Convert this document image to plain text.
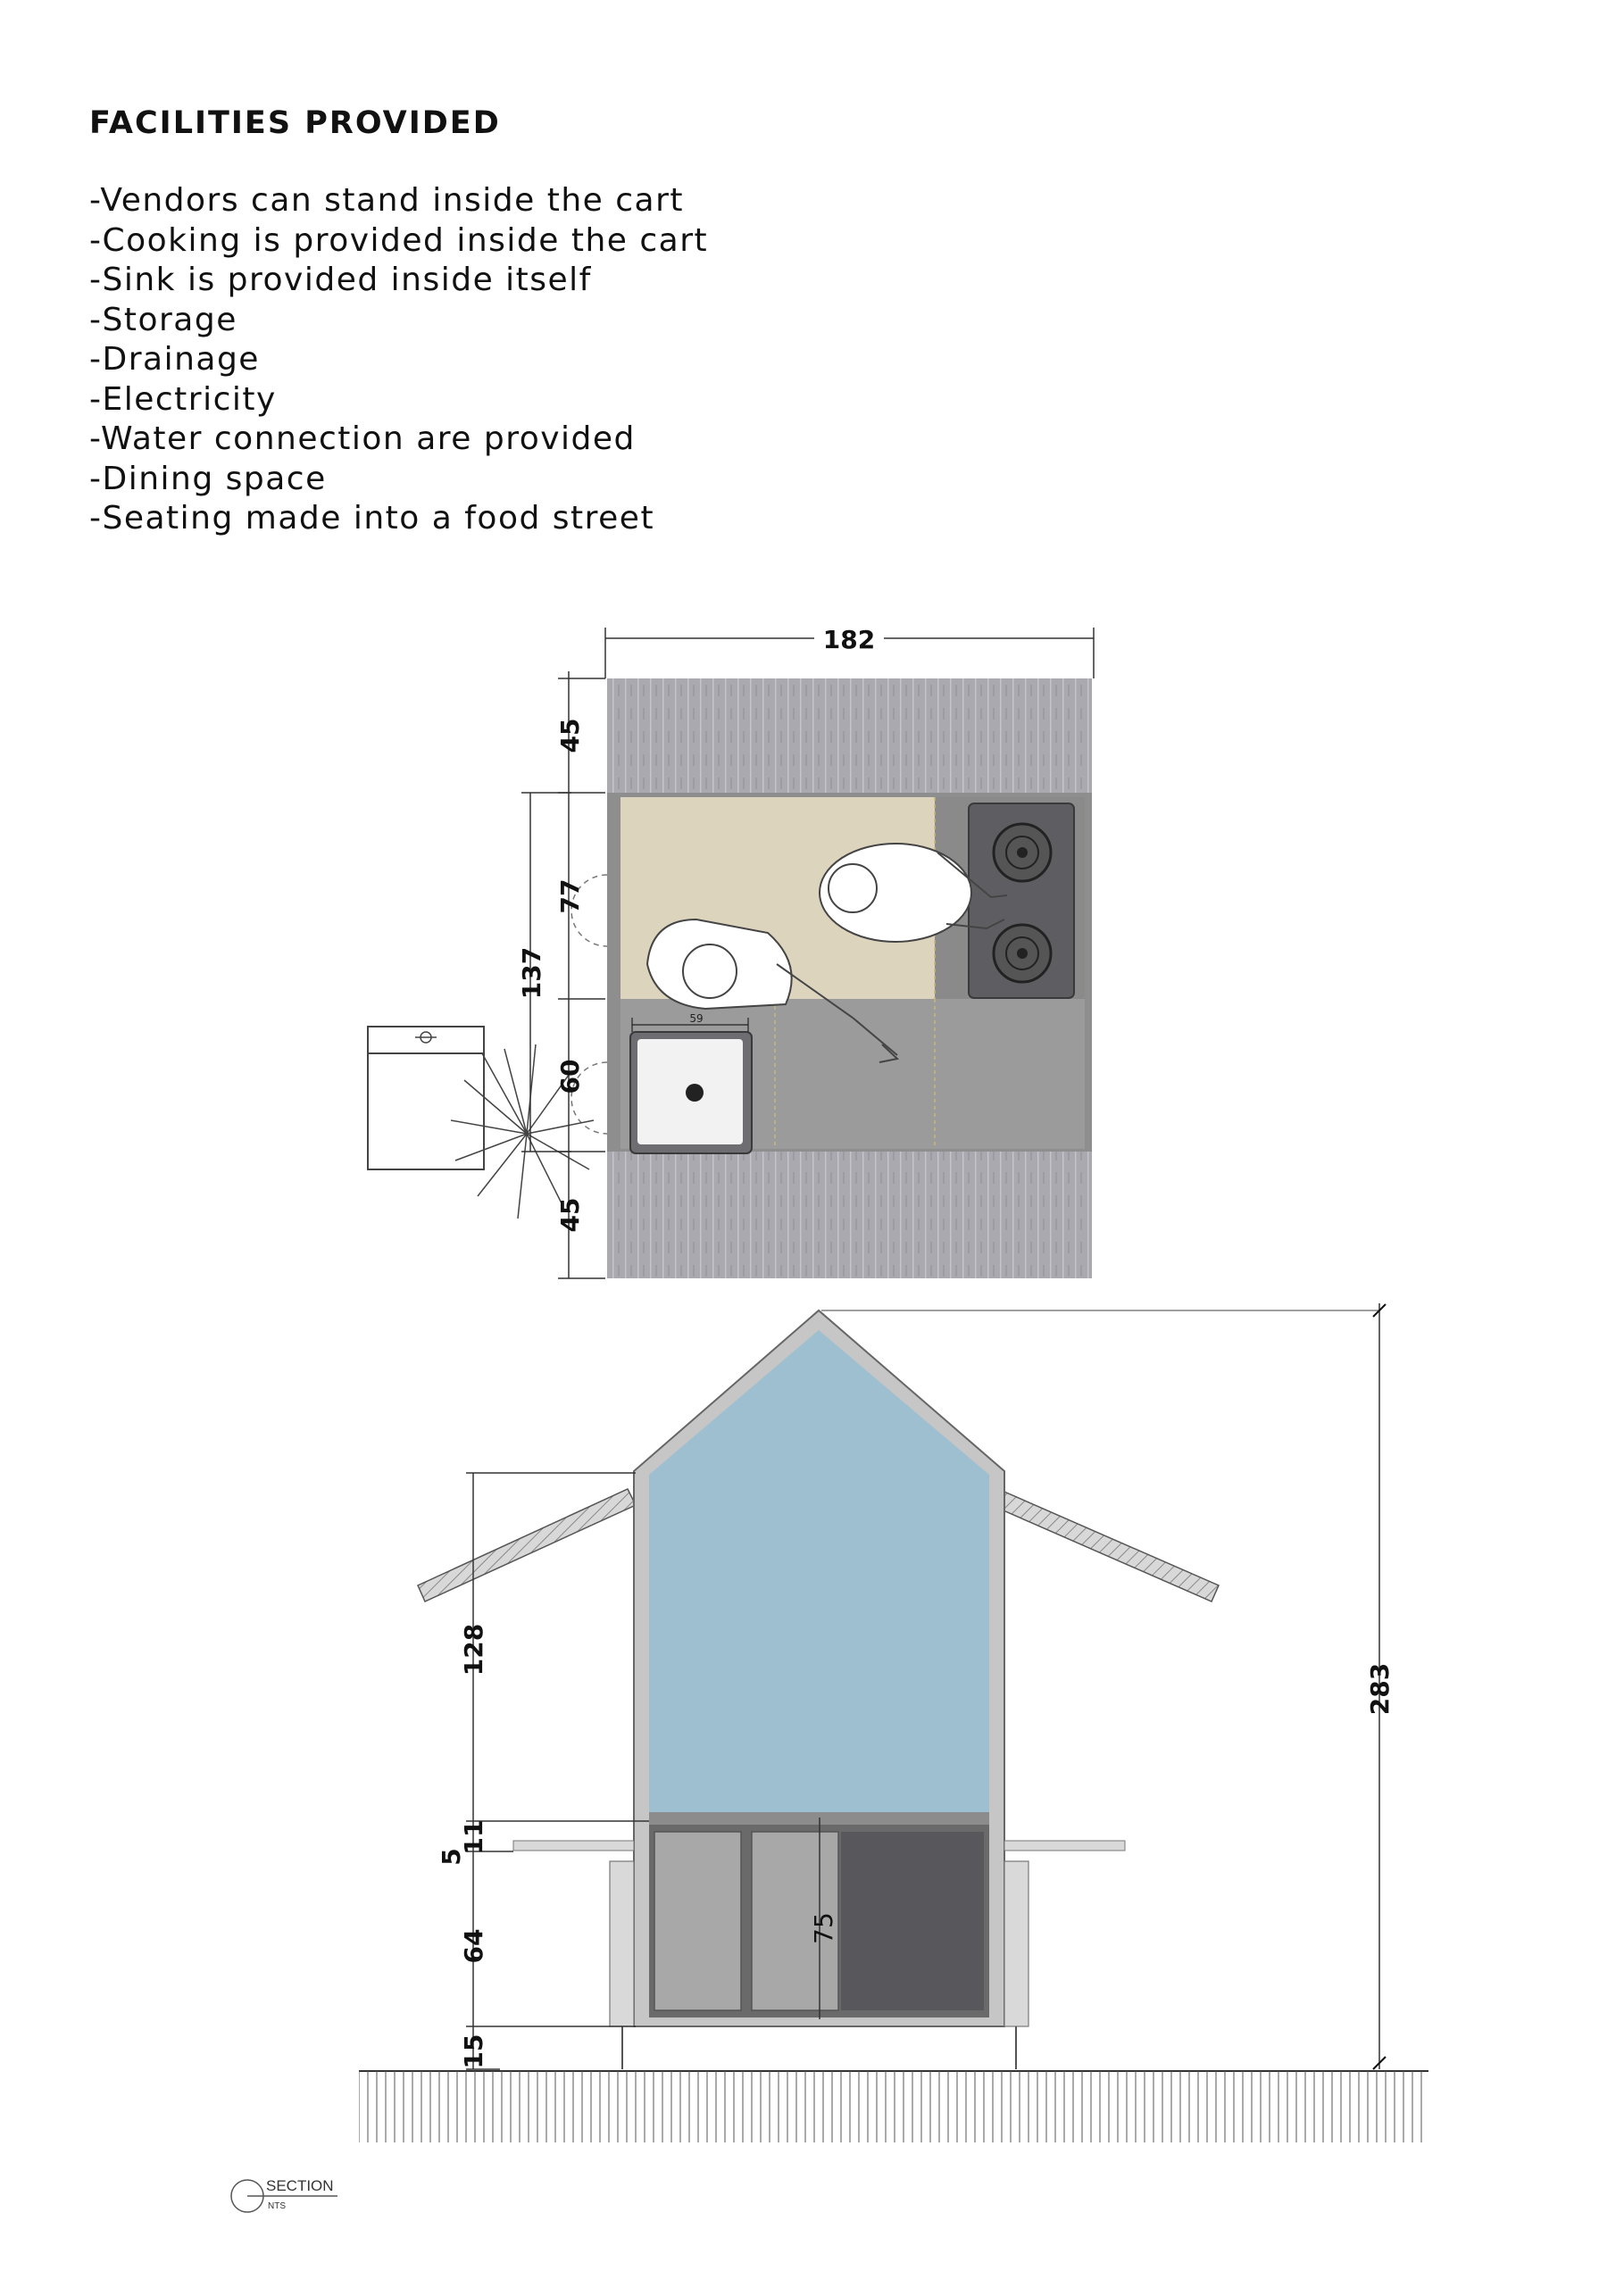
FACILITIES PROVIDED
-Vendors can stand inside the cart
-Cooking is provided inside the cart
-Sink is provided inside itself
-Storage
-Drainage
-Electricity
-Water connection are provided
-Dining space
-Seating made into a food street
182
59
45
77
137
60
45
283
128
11
5
64
15
75
SECTION
NTS
